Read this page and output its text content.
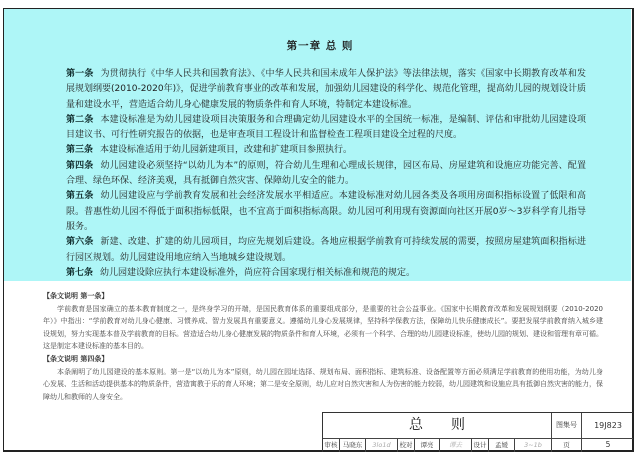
第一章 总 则

第一条 为贯彻执行《中华人民共和国教育法》、《中华人民共和国未成年人保护法》等法律法规，落实《国家中长期教育改革和发展规划纲要(2010-2020年)》，促进学前教育事业的改革和发展，加强幼儿园建设的科学化、规范化管理，提高幼儿园的规划设计质量和建设水平，营造适合幼儿身心健康发展的物质条件和育人环境，特制定本建设标准。

第二条 本建设标准是为幼儿园建设项目决策服务和合理确定幼儿园建设水平的全国统一标准，是编制、评估和审批幼儿园建设项目建议书、可行性研究报告的依据，也是审查项目工程设计和监督检查工程项目建设全过程的尺度。

第三条 本建设标准适用于幼儿园新建项目，改建和扩建项目参照执行。

第四条 幼儿园建设必须坚持“以幼儿为本”的原则，符合幼儿生理和心理成长规律，园区布局、房屋建筑和设施应功能完善、配置合理、绿色环保、经济美观，具有抵御自然灾害、保障幼儿安全的能力。

第五条 幼儿园建设应与学前教育发展和社会经济发展水平相适应。本建设标准对幼儿园各类及各项用房面积指标设置了低限和高限。普惠性幼儿园不得低于面积指标低限，也不宜高于面积指标高限。幼儿园可利用现有资源面向社区开展0岁～3岁科学育儿指导服务。

第六条 新建、改建、扩建的幼儿园项目，均应先规划后建设。各地应根据学前教育可持续发展的需要，按照房屋建筑面积指标进行园区规划。幼儿园建设用地应纳入当地城乡建设规划。

第七条 幼儿园建设除应执行本建设标准外，尚应符合国家现行相关标准和规范的规定。

【条文说明 第一条】

学前教育是国家确立的基本教育制度之一，是终身学习的开端，是国民教育体系的重要组成部分，是重要的社会公益事业。《国家中长期教育改革和发展规划纲要（2010-2020年）》中指出：“学前教育对幼儿身心健康、习惯养成、智力发展具有重要意义。遵循幼儿身心发展规律，坚持科学保教方法，保障幼儿快乐健康成长”。要把发展学前教育纳入城乡建设规划，努力实现基本普及学前教育的目标。营造适合幼儿身心健康发展的物质条件和育人环境，必须有一个科学、合理的幼儿园建设标准，使幼儿园的规划、建设和管理有章可循。这是制定本建设标准的基本目的。

【条文说明 第四条】

本条阐明了幼儿园建设的基本原则。第一是“以幼儿为本”原则，幼儿园在园址选择、规划布局、面积指标、建筑标准、设备配置等方面必须满足学前教育的使用功能，为幼儿身心发展、生活和活动提供基本的物质条件，营造寓教于乐的育人环境；第二是安全原则，幼儿应对自然灾害和人为伤害的能力较弱，幼儿园建筑和设施应具有抵御自然灾害的能力，保障幼儿和教师的人身安全。

总则	图集号	19J823
审核 马晓东	3lo1d	校对	谭亮	谭去	设计	孟媛	3~1b	页	5
